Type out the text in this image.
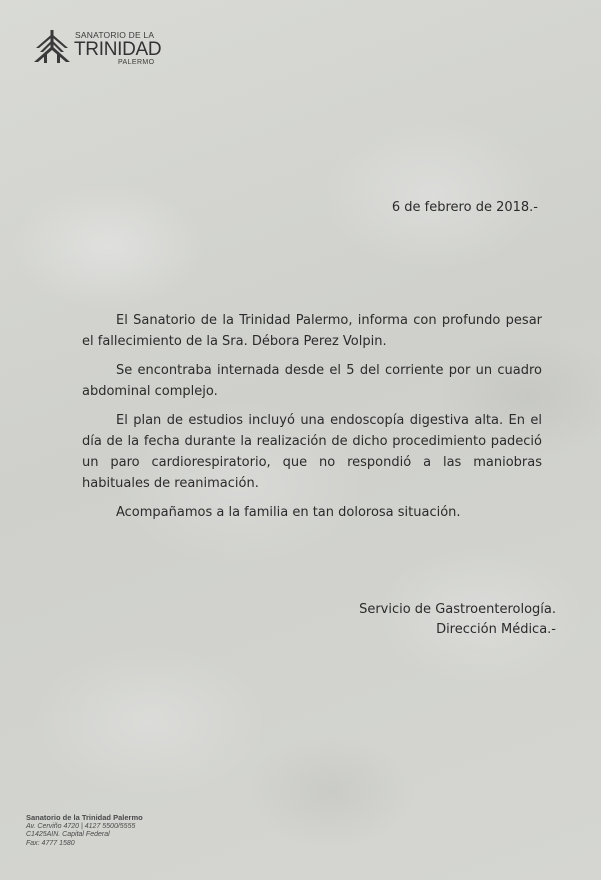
SANATORIO DE LA
TRINIDAD
PALERMO
6 de febrero de 2018.-

El Sanatorio de la Trinidad Palermo, informa con profundo pesar el fallecimiento de la Sra. Débora Perez Volpin.

Se encontraba internada desde el 5 del corriente por un cuadro abdominal complejo.

El plan de estudios incluyó una endoscopía digestiva alta. En el día de la fecha durante la realización de dicho procedimiento padeció un paro cardiorespiratorio, que no respondió a las maniobras habituales de reanimación.

Acompañamos a la familia en tan dolorosa situación.

Servicio de Gastroenterología.
Dirección Médica.-
Sanatorio de la Trinidad Palermo
Av. Cerviño 4720 | 4127 5500/5555
C1425AIN. Capital Federal
Fax: 4777 1580
